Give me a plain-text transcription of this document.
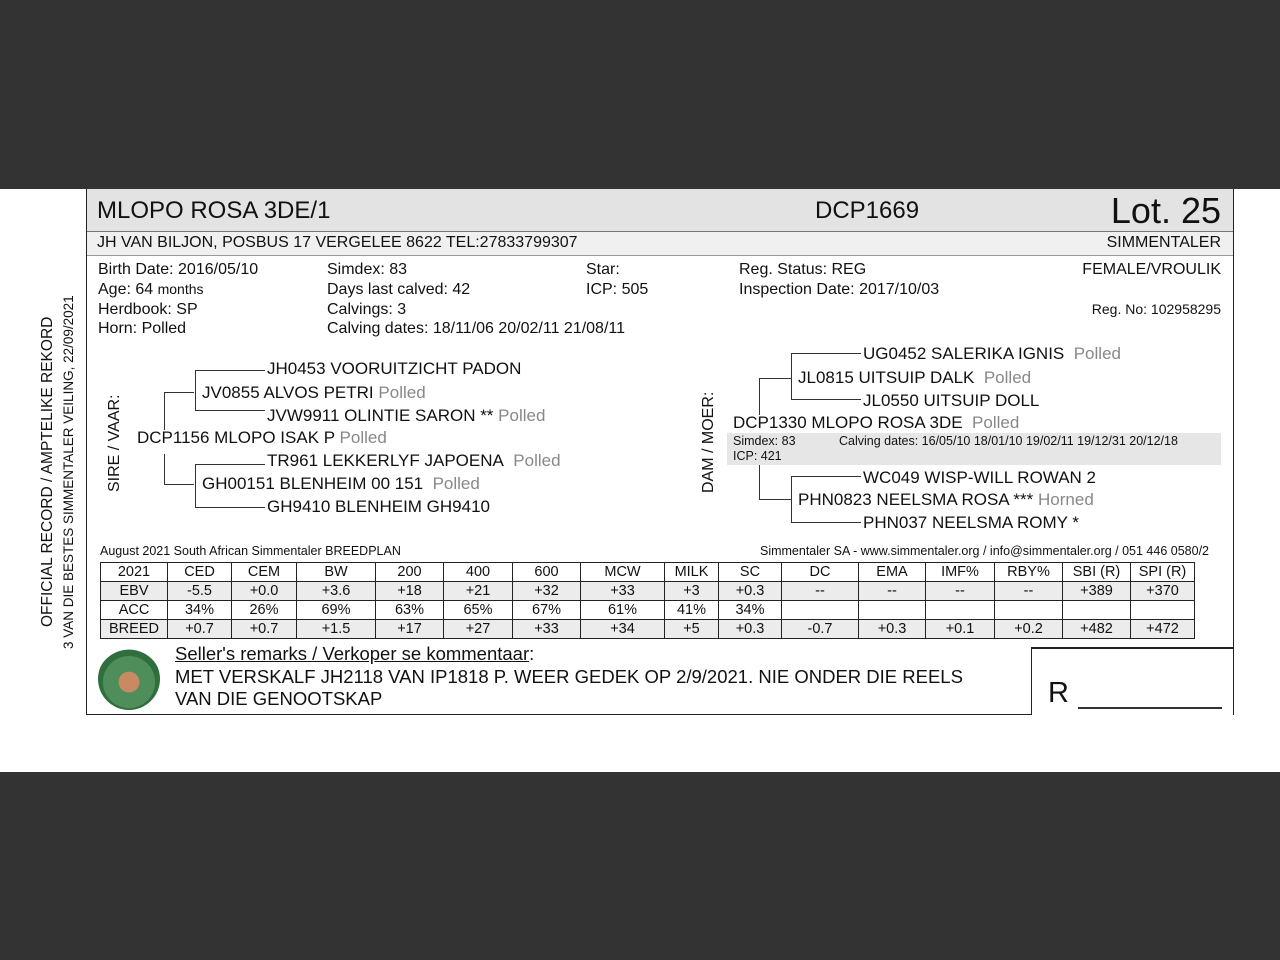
OFFICIAL RECORD / AMPTELIKE REKORD 3 VAN DIE BESTES SIMMENTALER VEILING, 22/09/2021
MLOPO ROSA 3DE/1	DCP1669	Lot. 25
JH VAN BILJON, POSBUS 17 VERGELEE 8622 TEL:27833799307	SIMMENTALER
Birth Date: 2016/05/10
Age: 64 months
Herdbook: SP
Horn: Polled
Simdex: 83
Days last calved: 42
Calvings: 3
Calving dates: 18/11/06 20/02/11 21/08/11
Star:
ICP: 505
Reg. Status: REG
Inspection Date: 2017/10/03
FEMALE/VROULIK
Reg. No: 102958295
SIRE / VAAR:
JH0453 VOORUITZICHT PADON
JV0855 ALVOS PETRI Polled
JVW9911 OLINTIE SARON ** Polled
DCP1156 MLOPO ISAK P Polled
TR961 LEKKERLYF JAPOENA Polled
GH00151 BLENHEIM 00 151 Polled
GH9410 BLENHEIM GH9410
DAM / MOER:
UG0452 SALERIKA IGNIS Polled
JL0815 UITSUIP DALK Polled
JL0550 UITSUIP DOLL
DCP1330 MLOPO ROSA 3DE Polled
Simdex: 83
ICP: 421
Calving dates: 16/05/10 18/01/10 19/02/11 19/12/31 20/12/18
WC049 WISP-WILL ROWAN 2
PHN0823 NEELSMA ROSA *** Horned
PHN037 NEELSMA ROMY *
August 2021 South African Simmentaler BREEDPLAN	Simmentaler SA - www.simmentaler.org / info@simmentaler.org / 051 446 0580/2
2021	CED	CEM	BW	200	400	600	MCW	MILK	SC	DC	EMA	IMF%	RBY%	SBI (R)	SPI (R)
EBV	-5.5	+0.0	+3.6	+18	+21	+32	+33	+3	+0.3	--	--	--	--	+389	+370
ACC	34%	26%	69%	63%	65%	67%	61%	41%	34%						
BREED	+0.7	+0.7	+1.5	+17	+27	+33	+34	+5	+0.3	-0.7	+0.3	+0.1	+0.2	+482	+472
Seller's remarks / Verkoper se kommentaar:
MET VERSKALF JH2118 VAN IP1818 P. WEER GEDEK OP 2/9/2021. NIE ONDER DIE REELS
VAN DIE GENOOTSKAP	R
